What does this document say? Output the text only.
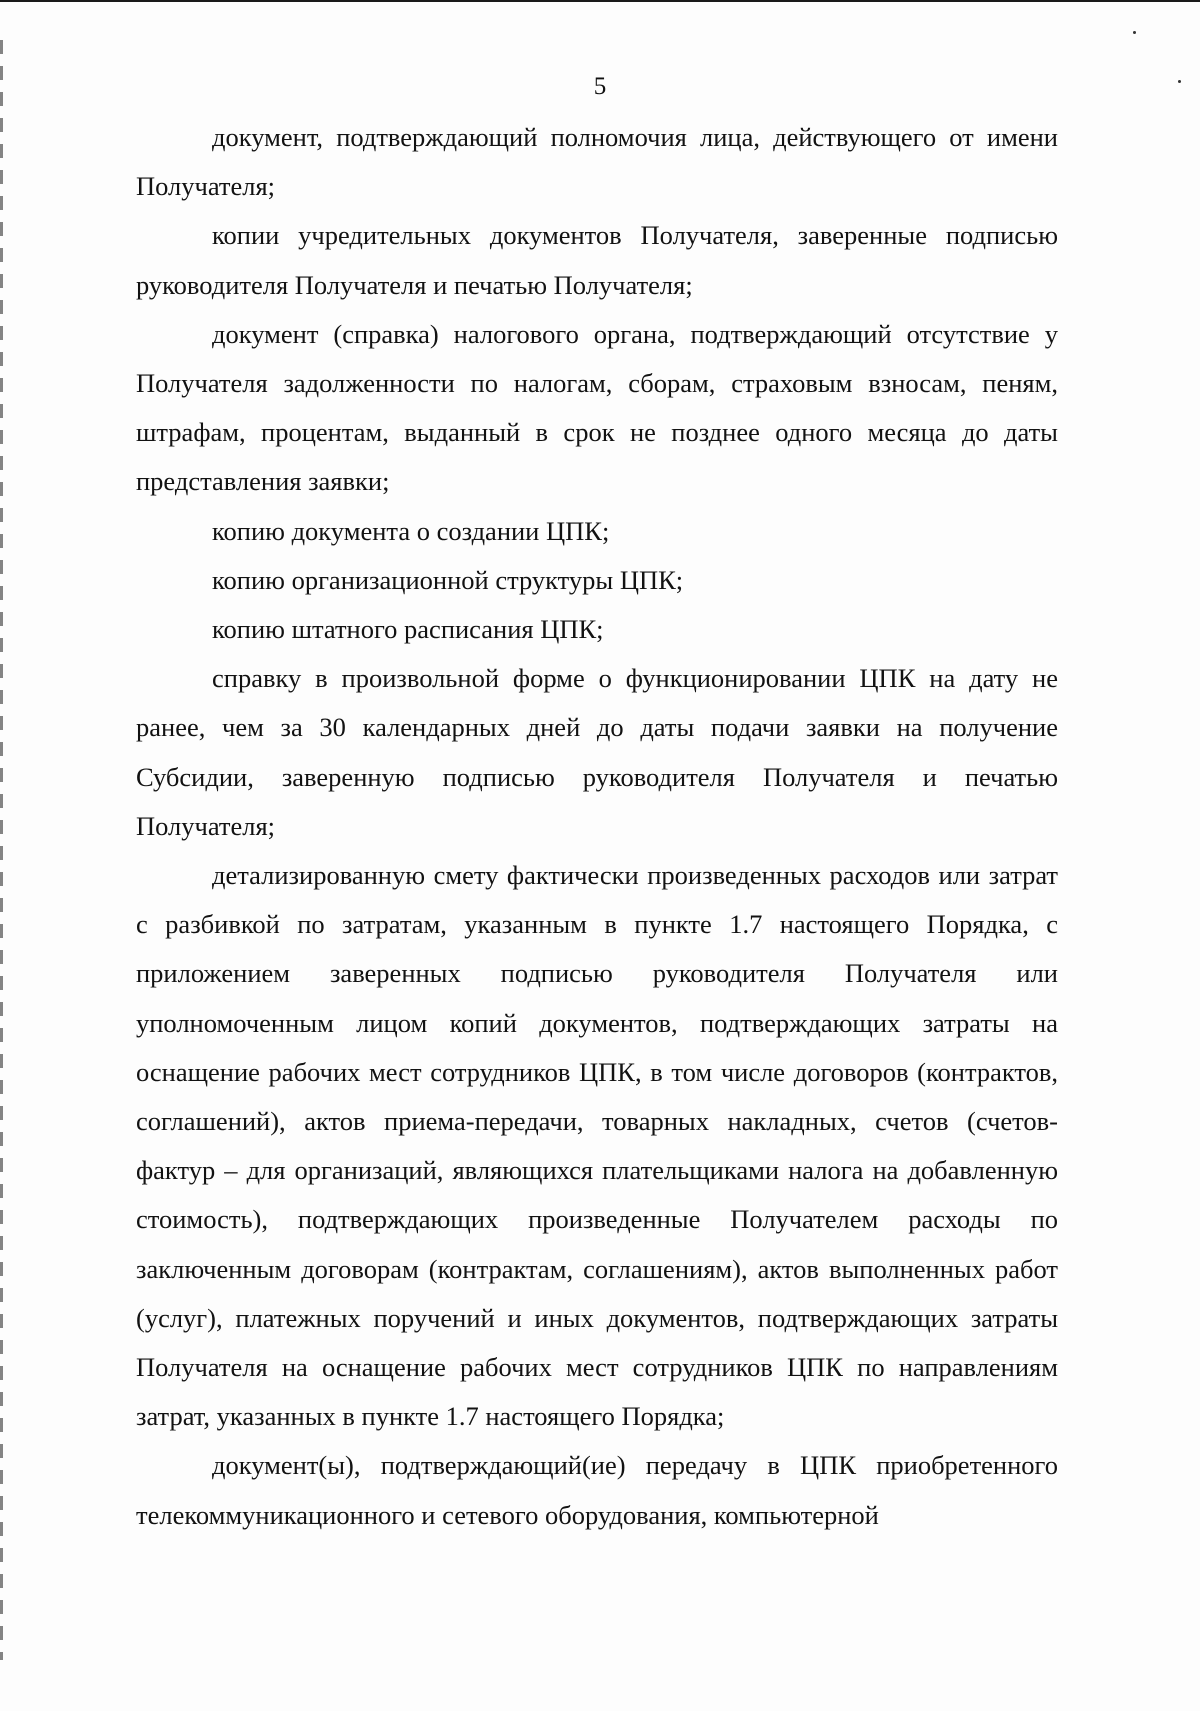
5

документ, подтверждающий полномочия лица, действующего от имени Получателя;

копии учредительных документов Получателя, заверенные подписью руководителя Получателя и печатью Получателя;

документ (справка) налогового органа, подтверждающий отсутствие у Получателя задолженности по налогам, сборам, страховым взносам, пеням, штрафам, процентам, выданный в срок не позднее одного месяца до даты представления заявки;

копию документа о создании ЦПК;

копию организационной структуры ЦПК;

копию штатного расписания ЦПК;

справку в произвольной форме о функционировании ЦПК на дату не ранее, чем за 30 календарных дней до даты подачи заявки на получение Субсидии, заверенную подписью руководителя Получателя и печатью Получателя;

детализированную смету фактически произведенных расходов или затрат с разбивкой по затратам, указанным в пункте 1.7 настоящего Порядка, с приложением заверенных подписью руководителя Получателя или уполномоченным лицом копий документов, подтверждающих затраты на оснащение рабочих мест сотрудников ЦПК, в том числе договоров (контрактов, соглашений), актов приема-передачи, товарных накладных, счетов (счетов-фактур – для организаций, являющихся плательщиками налога на добавленную стоимость), подтверждающих произведенные Получателем расходы по заключенным договорам (контрактам, соглашениям), актов выполненных работ (услуг), платежных поручений и иных документов, подтверждающих затраты Получателя на оснащение рабочих мест сотрудников ЦПК по направлениям затрат, указанных в пункте 1.7 настоящего Порядка;

документ(ы), подтверждающий(ие) передачу в ЦПК приобретенного телекоммуникационного и сетевого оборудования, компьютерной
